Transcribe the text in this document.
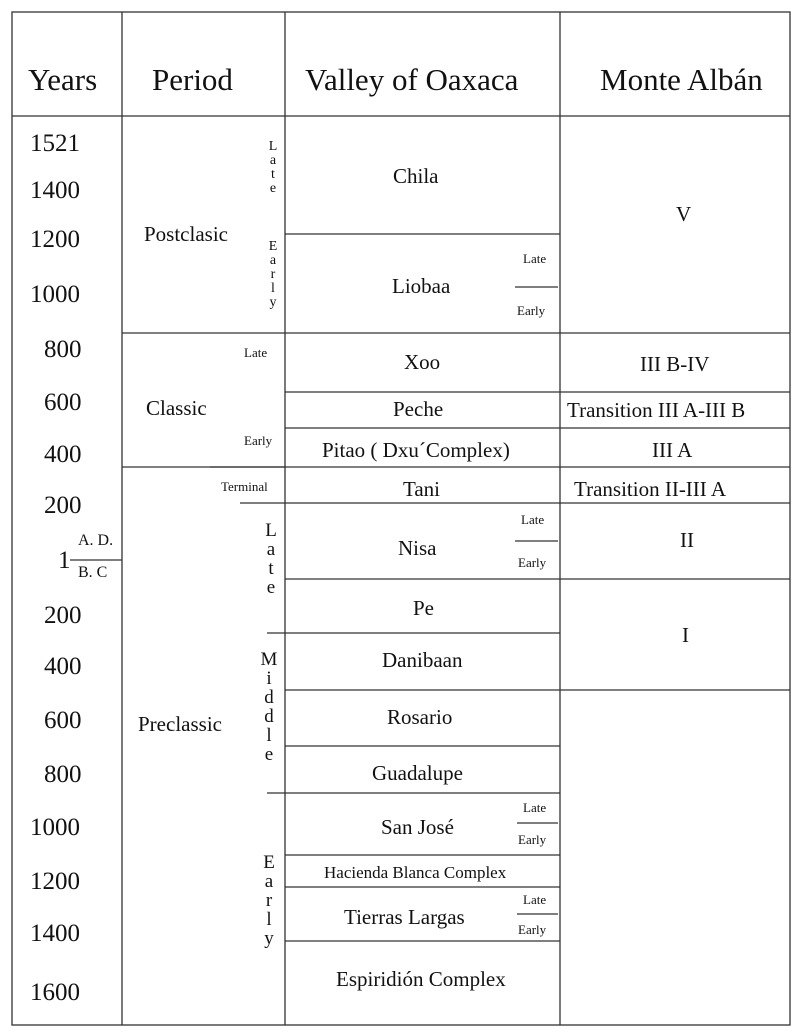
Years Period Valley of Oaxaca	Monte Albán
1521
1400
1200
1000
800
600
400
200
1
200
400
600
800
1000
1200
1400
1600
A. D.
B. C
Postclasic
Classic
Preclassic
L
a
t
e
E
a
r
l
y
L
a
t
e
M
i
d
d
l
e
E
a
r
l
y
Late
Early
Terminal
Chila
Liobaa
Xoo
Peche
Pitao ( Dxu´Complex)
Tani
Nisa
Pe
Danibaan
Rosario
Guadalupe
San José
Hacienda Blanca Complex
Tierras Largas
Espiridión Complex
Late
Early
Late
Early
Late
Early
Late
Early
V
III B-IV
Transition III A-III B
III A
Transition II-III A
II
I
